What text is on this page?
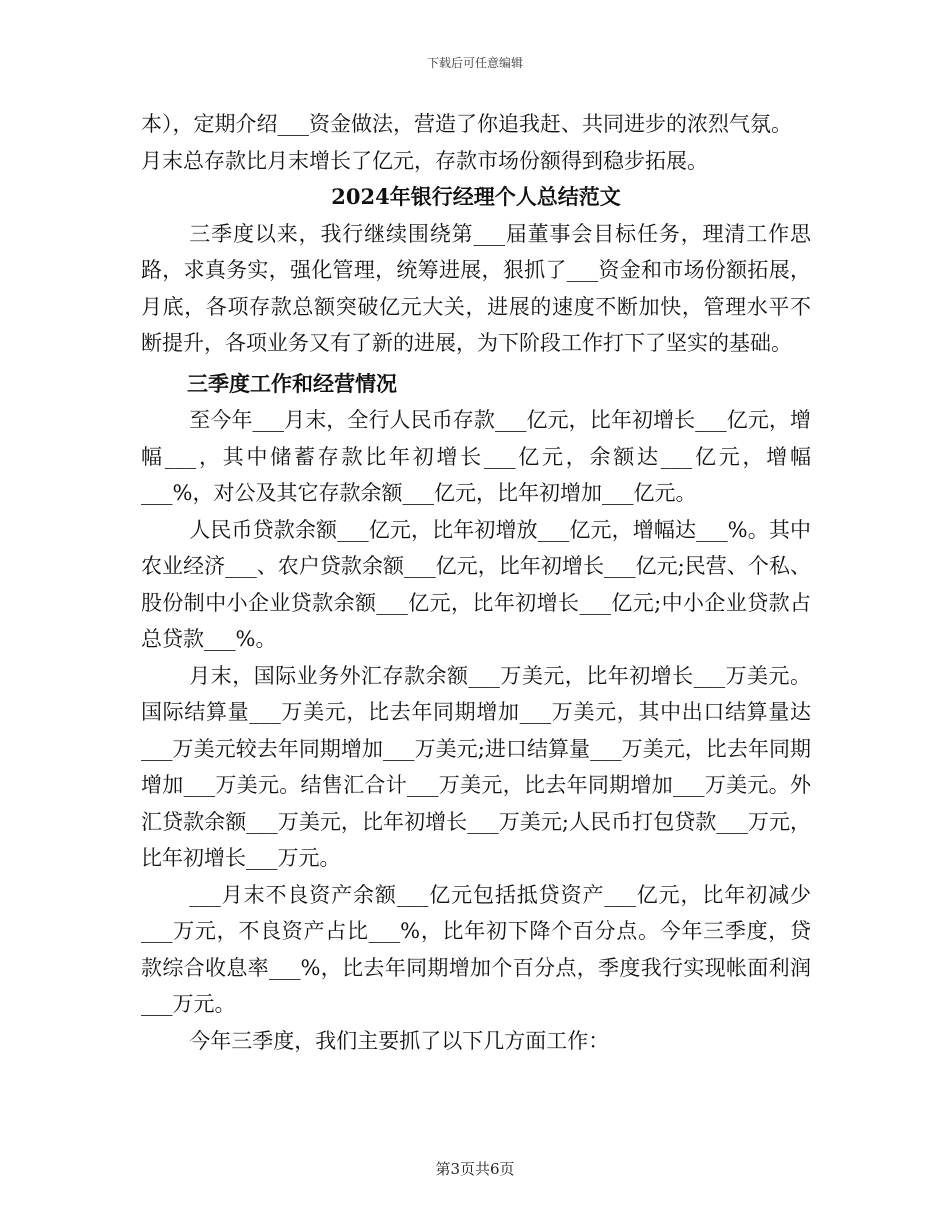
下载后可任意编辑

本），定期介绍___资金做法，营造了你追我赶、共同进步的浓烈气氛。

月末总存款比月末增长了亿元，存款市场份额得到稳步拓展。

2024年银行经理个人总结范文

三季度以来，我行继续围绕第___届董事会目标任务，理清工作思路，求真务实，强化管理，统筹进展，狠抓了___资金和市场份额拓展，月底，各项存款总额突破亿元大关，进展的速度不断加快，管理水平不断提升，各项业务又有了新的进展，为下阶段工作打下了坚实的基础。

三季度工作和经营情况

至今年___月末，全行人民币存款___亿元，比年初增长___亿元，增幅___，其中储蓄存款比年初增长___亿元，余额达___亿元，增幅___%，对公及其它存款余额___亿元，比年初增加___亿元。

人民币贷款余额___亿元，比年初增放___亿元，增幅达___%。其中农业经济___、农户贷款余额___亿元，比年初增长___亿元;民营、个私、股份制中小企业贷款余额___亿元，比年初增长___亿元;中小企业贷款占总贷款___%。

月末，国际业务外汇存款余额___万美元，比年初增长___万美元。国际结算量___万美元，比去年同期增加___万美元，其中出口结算量达___万美元较去年同期增加___万美元;进口结算量___万美元，比去年同期增加___万美元。结售汇合计___万美元，比去年同期增加___万美元。外汇贷款余额___万美元，比年初增长___万美元;人民币打包贷款___万元，比年初增长___万元。

___月末不良资产余额___亿元包括抵贷资产___亿元，比年初减少___万元，不良资产占比___%，比年初下降个百分点。今年三季度，贷款综合收息率___%，比去年同期增加个百分点，季度我行实现帐面利润___万元。

今年三季度，我们主要抓了以下几方面工作：

第3页共6页
